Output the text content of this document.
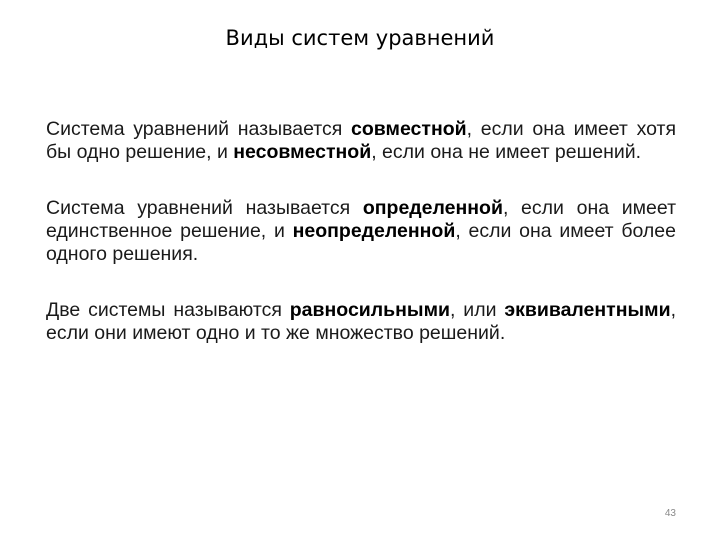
Виды систем уравнений

Система уравнений называется совместной, если она имеет хотя бы одно решение, и несовместной, если она не имеет решений.

Система уравнений называется определенной, если она имеет единственное решение, и неопределенной, если она имеет более одного решения.

Две системы называются равносильными, или эквивалентными, если они имеют одно и то же множество решений.

43
